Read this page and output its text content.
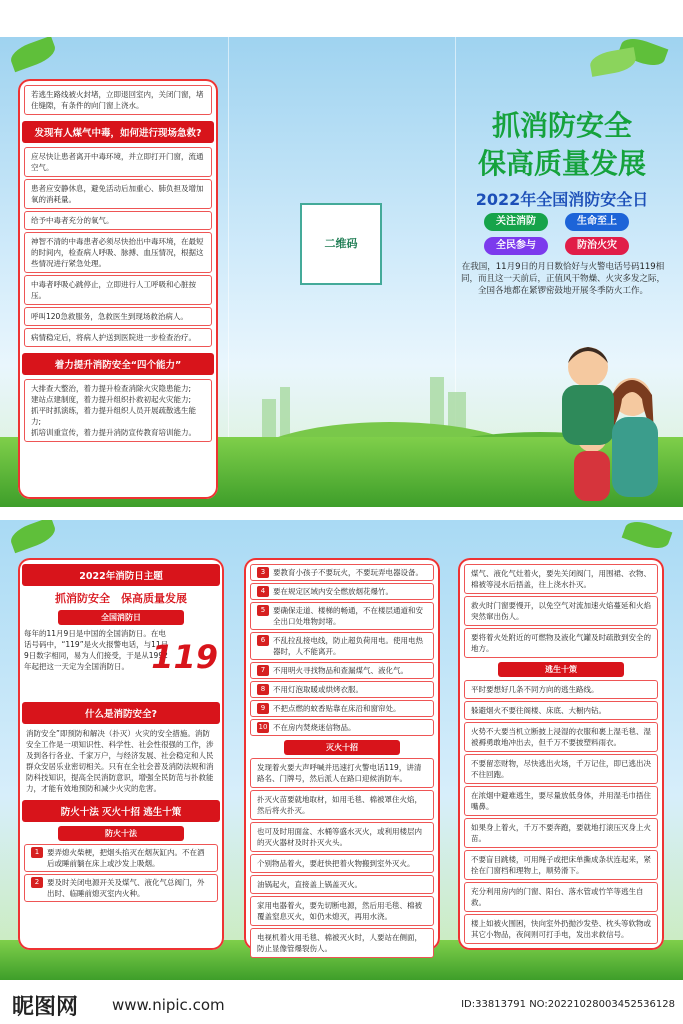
若逃生路线被火封堵，立即退回室内，关闭门窗，堵住缝隙，有条件的向门窗上浇水。
发现有人煤气中毒，如何进行现场急救?
应尽快让患者离开中毒环境，并立即打开门窗，流通空气。
患者应安静休息，避免活动后加重心、肺负担及增加氧的消耗量。
给予中毒者充分的氧气。
神智不清的中毒患者必须尽快抬出中毒环境，在最短的时间内，检查病人呼吸、脉搏、血压情况，根据这些情况进行紧急处理。
中毒者呼吸心跳停止，立即进行人工呼吸和心脏按压。
呼叫120急救服务，急救医生到现场救治病人。
病情稳定后，将病人护送到医院进一步检查治疗。
着力提升消防安全“四个能力”
大排查大整治，着力提升检查消除火灾隐患能力;
建站点建制度，着力提升组织扑救初起火灾能力;
抓平时抓演练，着力提升组织人员开展疏散逃生能力;
抓培训重宣传，着力提升消防宣传教育培训能力。
二维码
抓消防安全
保高质量发展
2022年全国消防安全日
关注消防	生命至上
全民参与	防治火灾
在我国，11月9日的月日数恰好与火警电话号码119相同，而且这一天前后，正值风干物燥、火灾多发之际，全国各地都在紧锣密鼓地开展冬季防火工作。
2022年消防日主题
抓消防安全　保高质量发展
全国消防日
每年的11月9日是中国的全国消防日。在电话号码中，“119”是火火报警电话，与11月9日数字相同，易为人们接受，于是从1992年起把这一天定为全国消防日。 119
什么是消防安全?
消防安全”即预防和解决（扑灭）火灾的安全措施。消防安全工作是一项知识性、科学性、社会性很强的工作，涉及到各行各业、千家万户，与经济发展、社会稳定和人民群众安居乐业密切相关。只有在全社会普及消防法规和消防科技知识，提高全民消防意识，增强全民防范与扑救能力，才能有效地预防和减少火灾的危害。
防火十法 灭火十招 逃生十策
防火十法
1	要弄熄火柴梗，把烟头掐灭在烟灰缸内。不在酒后或睡前躺在床上或沙发上吸烟。
2	要及时关闭电源开关及煤气、液化气总阀门，外出时、临睡前熄灭室内火种。
3	要教育小孩子不要玩火，不要玩弄电器设备。
4	要在规定区域内安全燃放烟花爆竹。
5	要确保走道、楼梯的畅通，不在楼层通道和安全出口处堆物封堵。
6	不乱拉乱接电线，防止超负荷用电。使用电热器时，人不能离开。
7	不用明火寻找物品和查漏煤气、液化气。
8	不用灯泡取暖或烘烤衣服。
9	不把点燃的蚊香贴靠在床沿和窗帘处。
10 不在房内焚烧迷信物品。
灭火十招
发现着火要大声呼喊并迅速打火警电话119，讲清路名、门牌号，然后派人在路口迎候消防车。
扑灭火苗要就地取材，如用毛毯、棉被罩住火焰，然后将火扑灭。
也可及时用面盆、水桶等盛水灭火，或利用楼层内的灭火器材及时扑灭火头。
个别物品着火，要赶快把着火物搬到室外灭火。
油锅起火，直接盖上锅盖灭火。
家用电器着火，要先切断电源，然后用毛毯、棉被覆盖窒息灭火，如仍未熄灭，再用水浇。
电视机着火用毛毯、棉被灭火时，人要站在侧面，防止显像管爆裂伤人。
煤气、液化气灶着火，要先关闭阀门，用围裙、衣物、棉被等浸水后捂盖，往上浇水扑灭。
救火时门窗要慢开，以免空气对流加速火焰蔓延和火焰突然窜出伤人。
要将着火处附近的可燃物及液化气罐及时疏散到安全的地方。
逃生十策
平时要想好几条不同方向的逃生路线。
躲避烟火不要往阁楼、床底、大橱内钻。
火势不大要当机立断披上浸湿的衣服和裹上湿毛毯、湿被褥勇敢地冲出去，但千万不要披塑料雨衣。
不要留恋财物，尽快逃出火场，千万记住，即已逃出决不往回跑。
在浓烟中避难逃生，要尽量放低身体，并用湿毛巾捂住嘴鼻。
如果身上着火，千万不要奔跑，要就地打滚压灭身上火苗。
不要盲目跳楼，可用绳子或把床单撕成条状连起来，紧拴在门窗档和理物上，顺势滑下。
充分利用房内的门窗、阳台、落水管或竹竿等逃生自救。
楼上如被火围困，快向室外扔抛沙发垫、枕头等软物或其它小物品，夜间则可打手电，发出求救信号。
昵图网 www.nipic.com	ID:33813791 NO:20221028003452536128
